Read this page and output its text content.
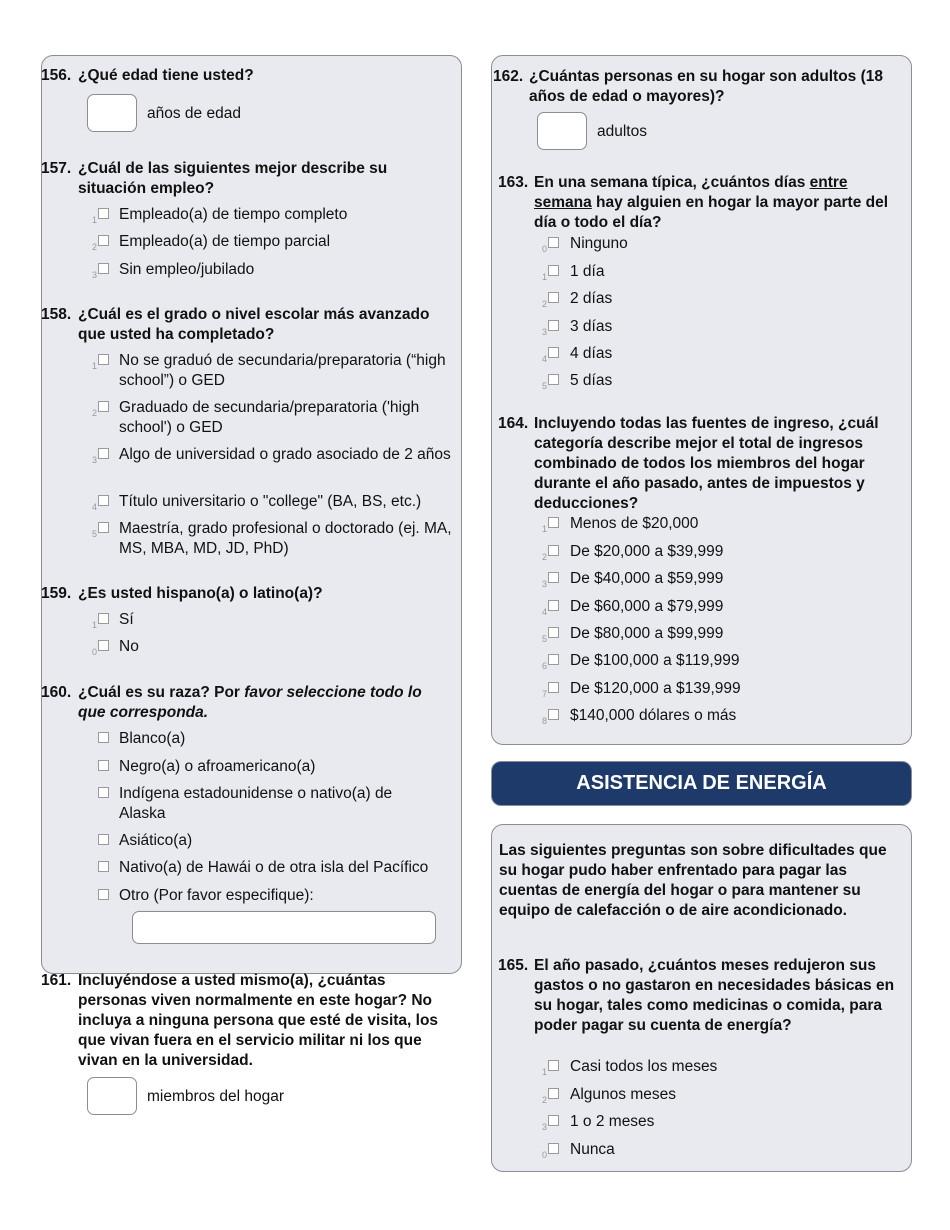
156. ¿Qué edad tiene usted?
años de edad
157. ¿Cuál de las siguientes mejor describe su situación empleo?
1 Empleado(a) de tiempo completo
2 Empleado(a) de tiempo parcial
3 Sin empleo/jubilado
158. ¿Cuál es el grado o nivel escolar más avanzado que usted ha completado?
1 No se graduó de secundaria/preparatoria (“high school”) o GED
2 Graduado de secundaria/preparatoria ('high school') o GED
3 Algo de universidad o grado asociado de 2 años
4 Título universitario o "college" (BA, BS, etc.)
5 Maestría, grado profesional o doctorado (ej. MA, MS, MBA, MD, JD, PhD)
159. ¿Es usted hispano(a) o latino(a)?
1 Sí
0 No
160. ¿Cuál es su raza? Por favor seleccione todo lo que corresponda.
Blanco(a)
Negro(a) o afroamericano(a)
Indígena estadounidense o nativo(a) de Alaska
Asiático(a)
Nativo(a) de Hawái o de otra isla del Pacífico
Otro (Por favor especifique):
161. Incluyéndose a usted mismo(a), ¿cuántas personas viven normalmente en este hogar? No incluya a ninguna persona que esté de visita, los que vivan fuera en el servicio militar ni los que vivan en la universidad.
miembros del hogar
162. ¿Cuántas personas en su hogar son adultos (18 años de edad o mayores)?
adultos
163. En una semana típica, ¿cuántos días entre semana hay alguien en hogar la mayor parte del día o todo el día?
0 Ninguno
1 1 día
2 2 días
3 3 días
4 4 días
5 5 días
164. Incluyendo todas las fuentes de ingreso, ¿cuál categoría describe mejor el total de ingresos combinado de todos los miembros del hogar durante el año pasado, antes de impuestos y deducciones?
1 Menos de $20,000
2 De $20,000 a $39,999
3 De $40,000 a $59,999
4 De $60,000 a $79,999
5 De $80,000 a $99,999
6 De $100,000 a $119,999
7 De $120,000 a $139,999
8 $140,000 dólares o más
ASISTENCIA DE ENERGÍA
Las siguientes preguntas son sobre dificultades que su hogar pudo haber enfrentado para pagar las cuentas de energía del hogar o para mantener su equipo de calefacción o de aire acondicionado.
165. El año pasado, ¿cuántos meses redujeron sus gastos o no gastaron en necesidades básicas en su hogar, tales como medicinas o comida, para poder pagar su cuenta de energía?
1 Casi todos los meses
2 Algunos meses
3 1 o 2 meses
0 Nunca
